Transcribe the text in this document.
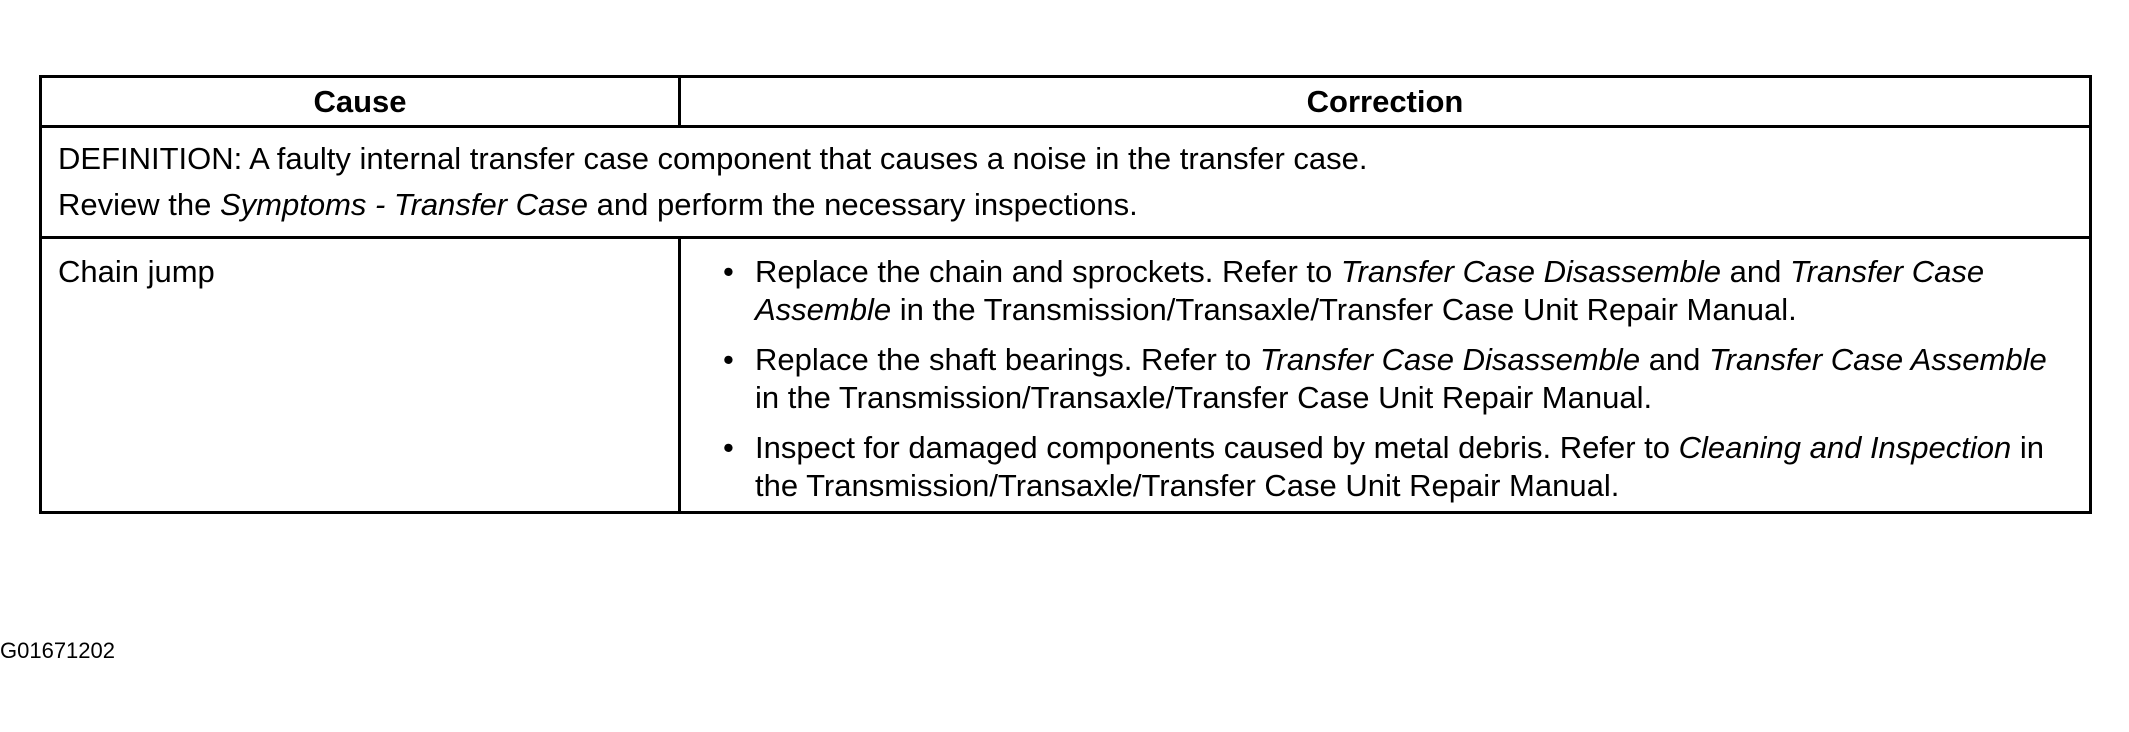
Cause	Correction

DEFINITION: A faulty internal transfer case component that causes a noise in the transfer case.

Review the Symptoms - Transfer Case and perform the necessary inspections.

Chain jump	• Replace the chain and sprockets. Refer to Transfer Case Disassemble and Transfer Case Assemble in the Transmission/Transaxle/Transfer Case Unit Repair Manual.
• Replace the shaft bearings. Refer to Transfer Case Disassemble and Transfer Case Assemble in the Transmission/Transaxle/Transfer Case Unit Repair Manual.
• Inspect for damaged components caused by metal debris. Refer to Cleaning and Inspection in the Transmission/Transaxle/Transfer Case Unit Repair Manual.
G01671202
